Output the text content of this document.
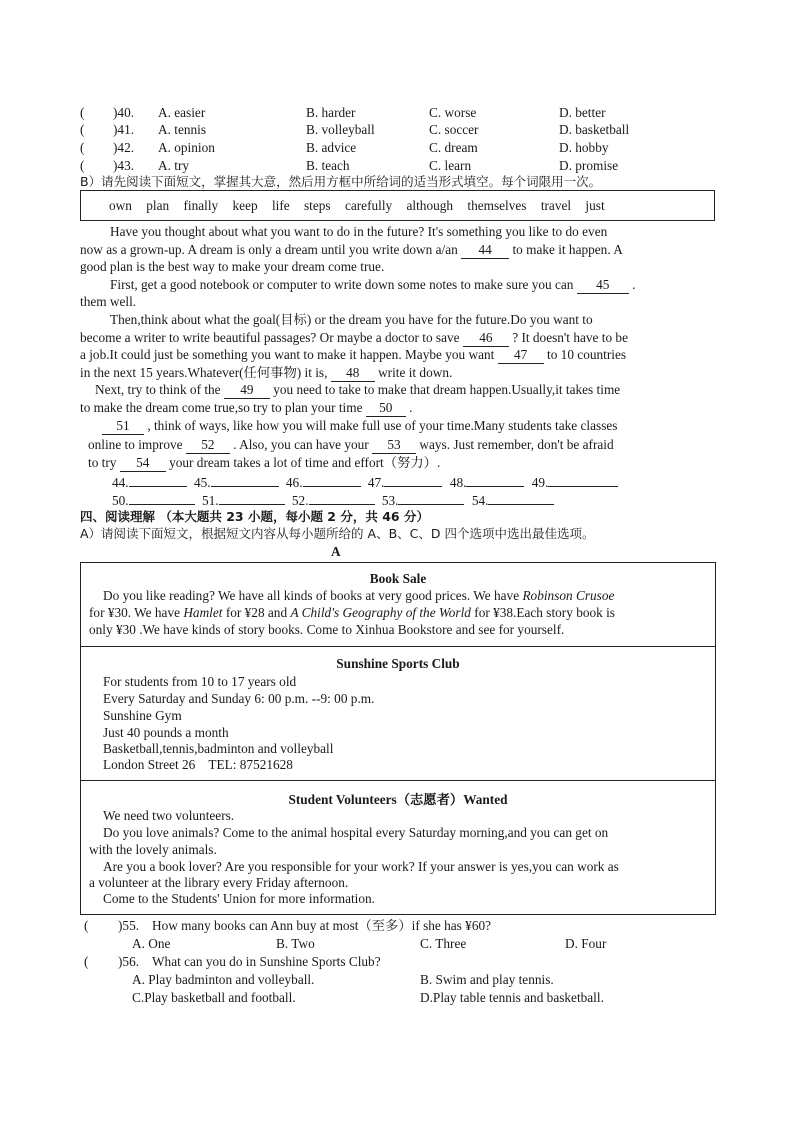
( )40. A. easier	B. harder	C. worse	D. better
( )41. A. tennis	B. volleyball	C. soccer	D. basketball
( )42. A. opinion	B. advice	C. dream	D. hobby
( )43. A. try	B. teach	C. learn	D. promise
B）请先阅读下面短文，掌握其大意，然后用方框中所给词的适当形式填空。每个词限用一次。
own plan finally keep life steps carefully although themselves travel just
Have you thought about what you want to do in the future? It's something you like to do even
now as a grown-up. A dream is only a dream until you write down a/an 44 to make it happen. A
good plan is the best way to make your dream come true.
First, get a good notebook or computer to write down some notes to make sure you can 45 .
them well.
Then,think about what the goal(目标) or the dream you have for the future.Do you want to
become a writer to write beautiful passages? Or maybe a doctor to save 46 ? It doesn't have to be
a job.It could just be something you want to make it happen. Maybe you want 47 to 10 countries
in the next 15 years.Whatever(任何事物) it is, 48 write it down.
Next, try to think of the 49 you need to take to make that dream happen.Usually,it takes time
to make the dream come true,so try to plan your time 50 .
51 , think of ways, like how you will make full use of your time.Many students take classes
online to improve 52 . Also, you can have your 53 ways. Just remember, don't be afraid
to try 54 your dream takes a lot of time and effort（努力）.
44.	45.	46.	47.	48.	49.
50.	51.	52.	53.	54.
四、阅读理解 （本大题共 23 小题，每小题 2 分，共 46 分）
A）请阅读下面短文，根据短文内容从每小题所给的 A、B、C、D 四个选项中选出最佳选项。
A
Book Sale
Do you like reading? We have all kinds of books at very good prices. We have Robinson Crusoe
for ¥30. We have Hamlet for ¥28 and A Child's Geography of the World for ¥38.Each story book is
only ¥30 .We have kinds of story books. Come to Xinhua Bookstore and see for yourself.
Sunshine Sports Club
For students from 10 to 17 years old
Every Saturday and Sunday 6: 00 p.m. --9: 00 p.m.
Sunshine Gym
Just 40 pounds a month
Basketball,tennis,badminton and volleyball
London Street 26    TEL: 87521628
Student Volunteers（志愿者）Wanted
We need two volunteers.
Do you love animals? Come to the animal hospital every Saturday morning,and you can get on
with the lovely animals.
Are you a book lover? Are you responsible for your work? If your answer is yes,you can work as
a volunteer at the library every Friday afternoon.
Come to the Students' Union for more information.
( )55. How many books can Ann buy at most（至多）if she has ¥60?
A. One	B. Two	C. Three	D. Four
( )56. What can you do in Sunshine Sports Club?
A. Play badminton and volleyball.	B. Swim and play tennis.
C.Play basketball and football.	D.Play table tennis and basketball.
